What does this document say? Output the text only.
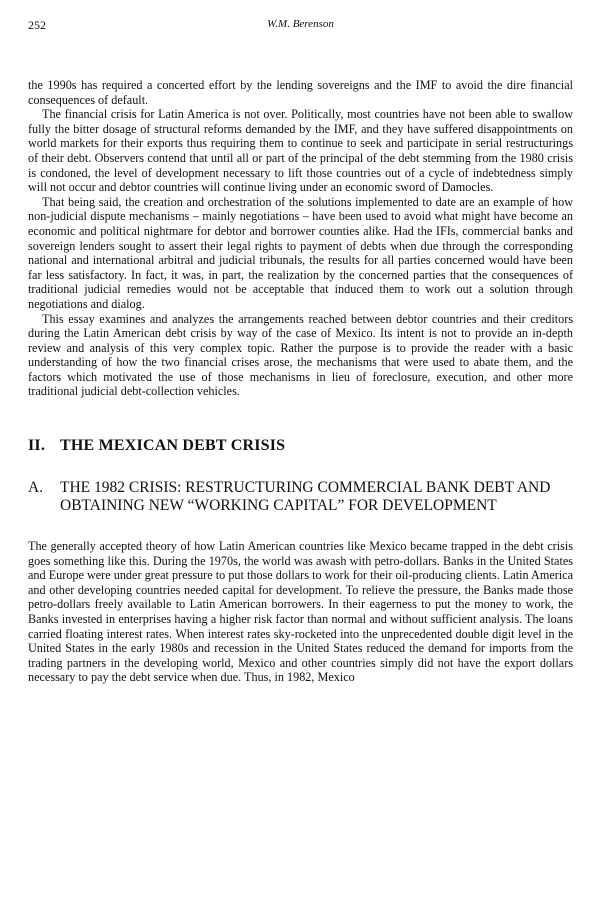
252	W.M. Berenson

the 1990s has required a concerted effort by the lending sovereigns and the IMF to avoid the dire financial consequences of default.

The financial crisis for Latin America is not over. Politically, most countries have not been able to swallow fully the bitter dosage of structural reforms demanded by the IMF, and they have suffered disappointments on world markets for their exports thus requiring them to continue to seek and participate in serial restructurings of their debt. Observers contend that until all or part of the principal of the debt stemming from the 1980 crisis is condoned, the level of development necessary to lift those countries out of a cycle of indebtedness simply will not occur and debtor countries will continue living under an economic sword of Damocles.

That being said, the creation and orchestration of the solutions implemented to date are an example of how non-judicial dispute mechanisms – mainly negotiations – have been used to avoid what might have become an economic and political nightmare for debtor and borrower counties alike. Had the IFIs, commercial banks and sovereign lenders sought to assert their legal rights to payment of debts when due through the corresponding national and international arbitral and judicial tribunals, the results for all parties concerned would have been far less satisfactory. In fact, it was, in part, the realization by the concerned parties that the consequences of traditional judicial remedies would not be acceptable that induced them to work out a solution through negotiations and dialog.

This essay examines and analyzes the arrangements reached between debtor countries and their creditors during the Latin American debt crisis by way of the case of Mexico. Its intent is not to provide an in-depth review and analysis of this very complex topic. Rather the purpose is to provide the reader with a basic understanding of how the two financial crises arose, the mechanisms that were used to abate them, and the factors which motivated the use of those mechanisms in lieu of foreclosure, execution, and other more traditional judicial debt-collection vehicles.

II. THE MEXICAN DEBT CRISIS
A.	THE 1982 CRISIS: RESTRUCTURING COMMERCIAL BANK DEBT AND OBTAINING NEW “WORKING CAPITAL” FOR DEVELOPMENT

The generally accepted theory of how Latin American countries like Mexico became trapped in the debt crisis goes something like this. During the 1970s, the world was awash with petro-dollars. Banks in the United States and Europe were under great pressure to put those dollars to work for their oil-producing clients. Latin America and other developing countries needed capital for development. To relieve the pressure, the Banks made those petro-dollars freely available to Latin American borrowers. In their eagerness to put the money to work, the Banks invested in enterprises having a higher risk factor than normal and without sufficient analysis. The loans carried floating interest rates. When interest rates sky-rocketed into the unprecedented double digit level in the United States in the early 1980s and recession in the United States reduced the demand for imports from the trading partners in the developing world, Mexico and other countries simply did not have the export dollars necessary to pay the debt service when due. Thus, in 1982, Mexico
